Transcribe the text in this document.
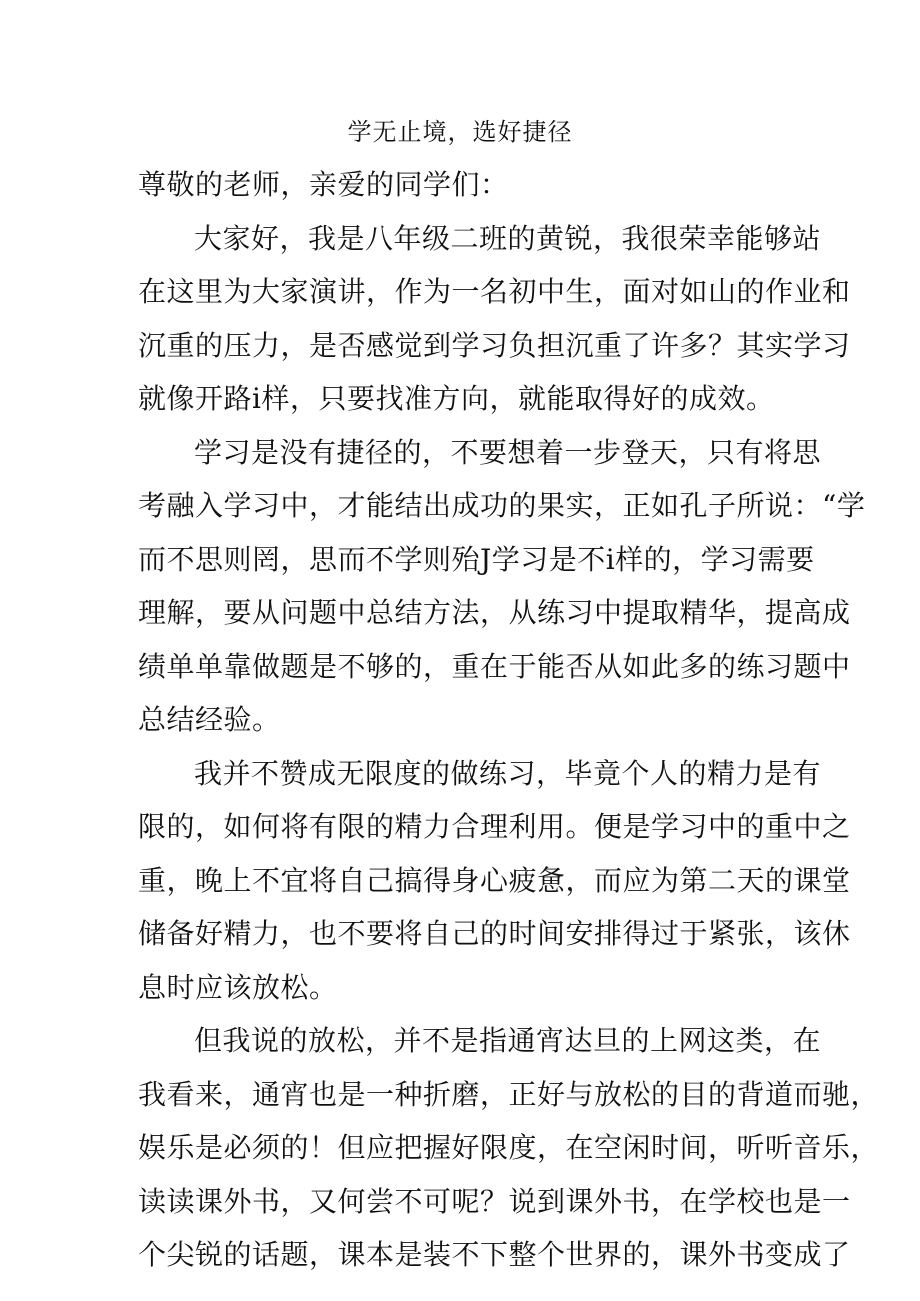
学无止境，选好捷径
尊敬的老师，亲爱的同学们：
大家好，我是八年级二班的黄锐，我很荣幸能够站
在这里为大家演讲，作为一名初中生，面对如山的作业和
沉重的压力，是否感觉到学习负担沉重了许多？其实学习
就像开路i样，只要找准方向，就能取得好的成效。
学习是没有捷径的，不要想着一步登天，只有将思
考融入学习中，才能结出成功的果实，正如孔子所说：“学
而不思则罔，思而不学则殆J学习是不i样的，学习需要
理解，要从问题中总结方法，从练习中提取精华，提高成
绩单单靠做题是不够的，重在于能否从如此多的练习题中
总结经验。
我并不赞成无限度的做练习，毕竟个人的精力是有
限的，如何将有限的精力合理利用。便是学习中的重中之
重，晚上不宜将自己搞得身心疲惫，而应为第二天的课堂
储备好精力，也不要将自己的时间安排得过于紧张，该休
息时应该放松。
但我说的放松，并不是指通宵达旦的上网这类，在
我看来，通宵也是一种折磨，正好与放松的目的背道而驰，
娱乐是必须的！但应把握好限度，在空闲时间，听听音乐，
读读课外书，又何尝不可呢？说到课外书，在学校也是一
个尖锐的话题，课本是装不下整个世界的，课外书变成了
